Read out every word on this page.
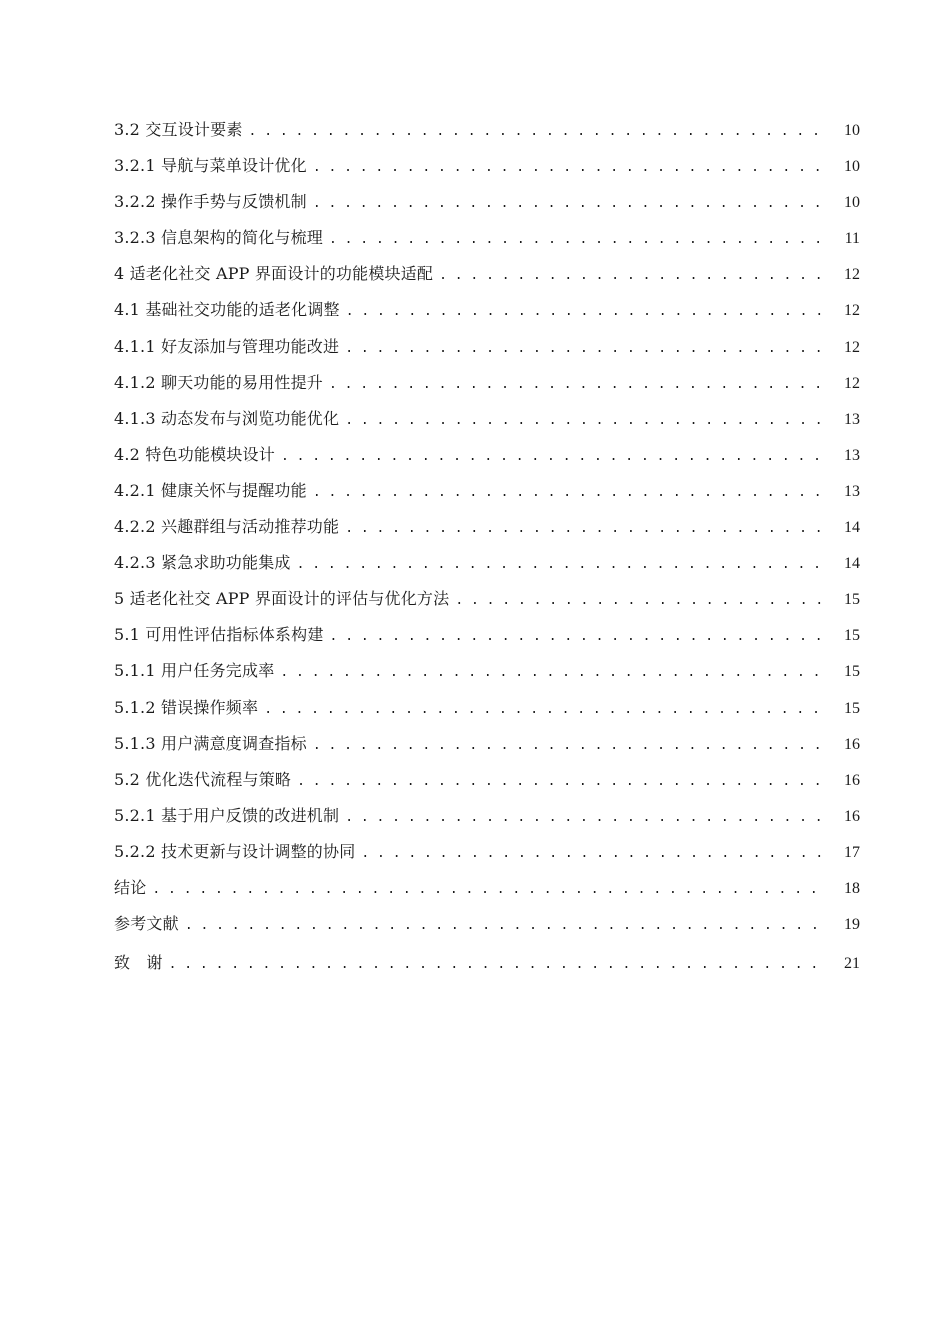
3.2 交互设计要素 . . .	10
3.2.1 导航与菜单设计优化 . . .	10
3.2.2 操作手势与反馈机制 . . .	10
3.2.3 信息架构的简化与梳理 . . .	11
4 适老化社交 APP 界面设计的功能模块适配 . . .	12
4.1 基础社交功能的适老化调整 . . .	12
4.1.1 好友添加与管理功能改进 . . .	12
4.1.2 聊天功能的易用性提升 . . .	12
4.1.3 动态发布与浏览功能优化 . . .	13
4.2 特色功能模块设计 . . .	13
4.2.1 健康关怀与提醒功能 . . .	13
4.2.2 兴趣群组与活动推荐功能 . . .	14
4.2.3 紧急求助功能集成 . . .	14
5 适老化社交 APP 界面设计的评估与优化方法 . . .	15
5.1 可用性评估指标体系构建 . . .	15
5.1.1 用户任务完成率 . . .	15
5.1.2 错误操作频率 . . .	15
5.1.3 用户满意度调查指标 . . .	16
5.2 优化迭代流程与策略 . . .	16
5.2.1 基于用户反馈的改进机制 . . .	16
5.2.2 技术更新与设计调整的协同 . . .	17
结论 . . .	18
参考文献 . . .	19
致　谢 . . .	21
